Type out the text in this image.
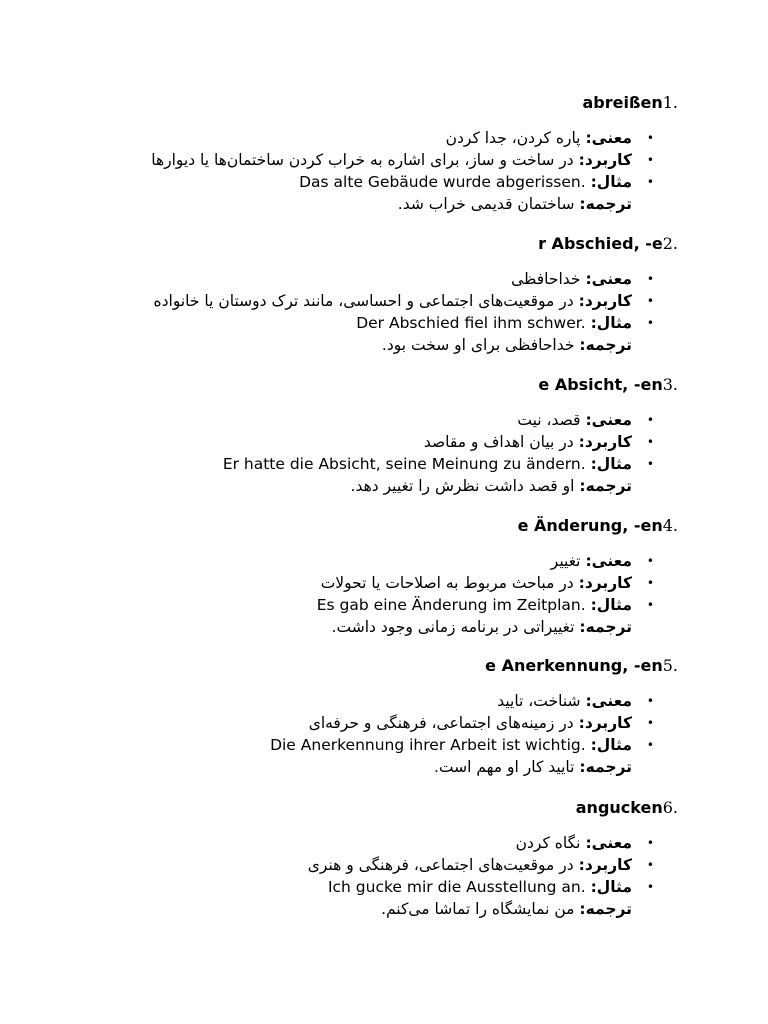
.1abreißen
•
معنی: پاره کردن، جدا کردن
•
کاربرد: در ساخت و ساز، برای اشاره به خراب کردن ساختمان‌ها یا دیوارها
•
مثال: Das alte Gebäude wurde abgerissen.
ترجمه: ساختمان قدیمی خراب شد.
.2r Abschied, -e
•
معنی: خداحافظی
•
کاربرد: در موقعیت‌های اجتماعی و احساسی، مانند ترک دوستان یا خانواده
•
مثال: Der Abschied fiel ihm schwer.
ترجمه: خداحافظی برای او سخت بود.
.3e Absicht, -en
•
معنی: قصد، نیت
•
کاربرد: در بیان اهداف و مقاصد
•
مثال: Er hatte die Absicht, seine Meinung zu ändern.
ترجمه: او قصد داشت نظرش را تغییر دهد.
.4e Änderung, -en
•
معنی: تغییر
•
کاربرد: در مباحث مربوط به اصلاحات یا تحولات
•
مثال: Es gab eine Änderung im Zeitplan.
ترجمه: تغییراتی در برنامه زمانی وجود داشت.
.5e Anerkennung, -en
•
معنی: شناخت، تایید
•
کاربرد: در زمینه‌های اجتماعی، فرهنگی و حرفه‌ای
•
مثال: Die Anerkennung ihrer Arbeit ist wichtig.
ترجمه: تایید کار او مهم است.
.6angucken
•
معنی: نگاه کردن
•
کاربرد: در موقعیت‌های اجتماعی، فرهنگی و هنری
•
مثال: Ich gucke mir die Ausstellung an.
ترجمه: من نمایشگاه را تماشا می‌کنم.
